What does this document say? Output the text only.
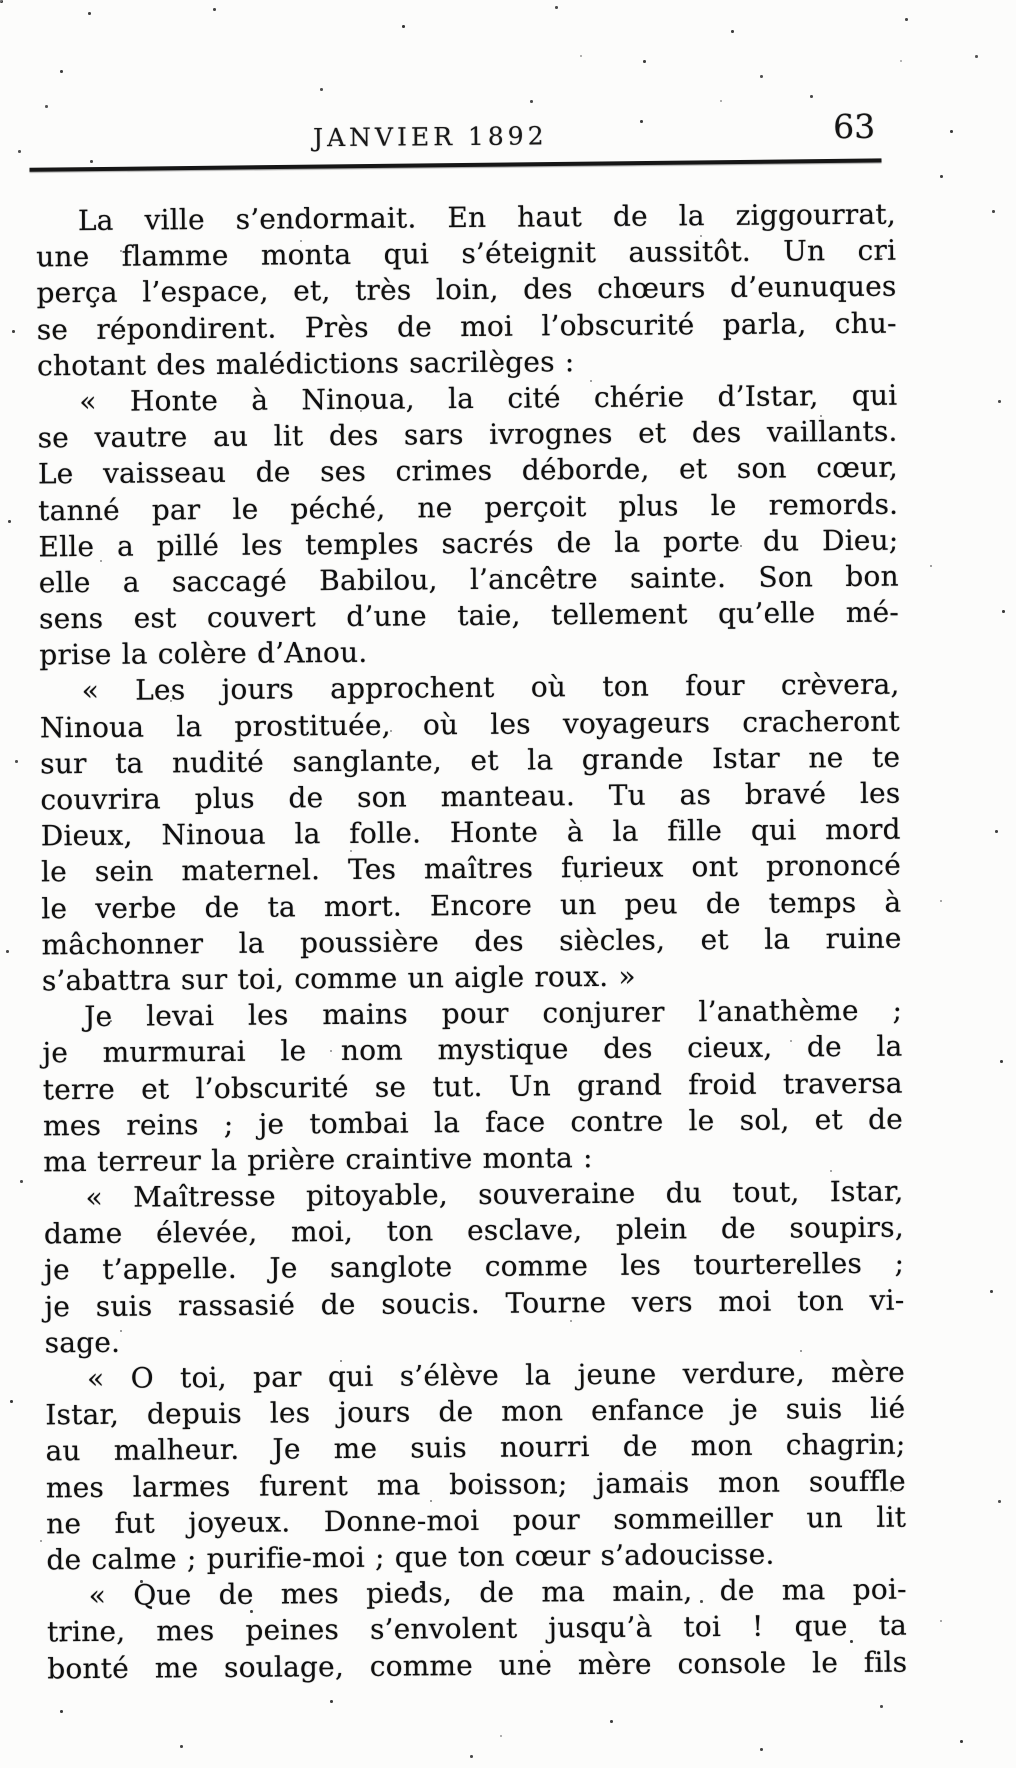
JANVIER 1892	63
La ville s’endormait. En haut de la ziggourrat,
une flamme monta qui s’éteignit aussitôt. Un cri
perça l’espace, et, très loin, des chœurs d’eunuques
se répondirent. Près de moi l’obscurité parla, chu-
chotant des malédictions sacrilèges :
« Honte à Ninoua, la cité chérie d’Istar, qui
se vautre au lit des sars ivrognes et des vaillants.
Le vaisseau de ses crimes déborde, et son cœur,
tanné par le péché, ne perçoit plus le remords.
Elle a pillé les temples sacrés de la porte du Dieu;
elle a saccagé Babilou, l’ancêtre sainte. Son bon
sens est couvert d’une taie, tellement qu’elle mé-
prise la colère d’Anou.
« Les jours approchent où ton four crèvera,
Ninoua la prostituée, où les voyageurs cracheront
sur ta nudité sanglante, et la grande Istar ne te
couvrira plus de son manteau. Tu as bravé les
Dieux, Ninoua la folle. Honte à la fille qui mord
le sein maternel. Tes maîtres furieux ont prononcé
le verbe de ta mort. Encore un peu de temps à
mâchonner la poussière des siècles, et la ruine
s’abattra sur toi, comme un aigle roux. »
Je levai les mains pour conjurer l’anathème ;
je murmurai le nom mystique des cieux, de la
terre et l’obscurité se tut. Un grand froid traversa
mes reins ; je tombai la face contre le sol, et de
ma terreur la prière craintive monta :
« Maîtresse pitoyable, souveraine du tout, Istar,
dame élevée, moi, ton esclave, plein de soupirs,
je t’appelle. Je sanglote comme les tourterelles ;
je suis rassasié de soucis. Tourne vers moi ton vi-
sage.
« O toi, par qui s’élève la jeune verdure, mère
Istar, depuis les jours de mon enfance je suis lié
au malheur. Je me suis nourri de mon chagrin;
mes larmes furent ma boisson; jamais mon souffle
ne fut joyeux. Donne-moi pour sommeiller un lit
de calme ; purifie-moi ; que ton cœur s’adoucisse.
« Que de mes pieds, de ma main, de ma poi-
trine, mes peines s’envolent jusqu’à toi ! que ta
bonté me soulage, comme une mère console le fils
